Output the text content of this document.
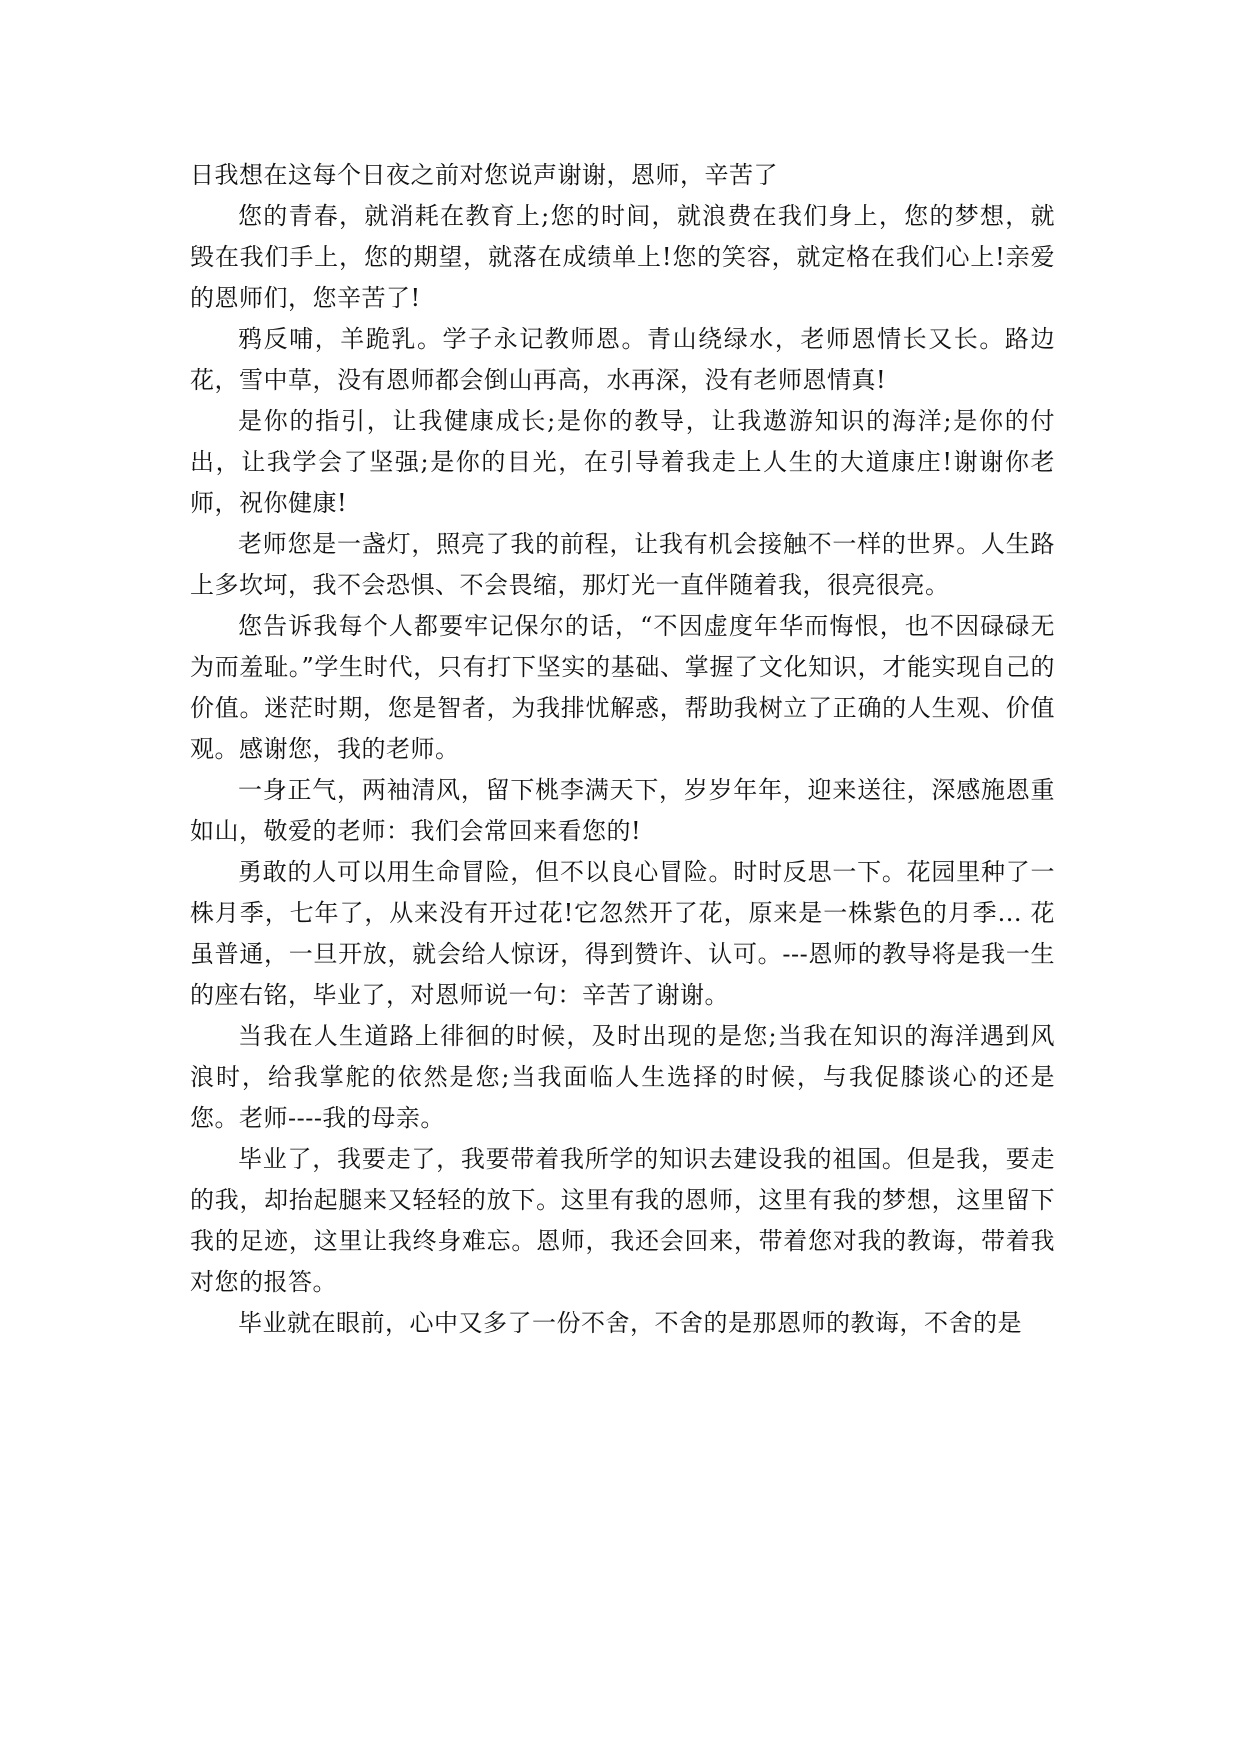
日我想在这每个日夜之前对您说声谢谢，恩师，辛苦了

您的青春，就消耗在教育上;您的时间，就浪费在我们身上，您的梦想，就毁在我们手上，您的期望，就落在成绩单上!您的笑容，就定格在我们心上!亲爱的恩师们，您辛苦了!

鸦反哺，羊跪乳。学子永记教师恩。青山绕绿水，老师恩情长又长。路边花，雪中草，没有恩师都会倒山再高，水再深，没有老师恩情真!

是你的指引，让我健康成长;是你的教导，让我遨游知识的海洋;是你的付出，让我学会了坚强;是你的目光，在引导着我走上人生的大道康庄!谢谢你老师，祝你健康!

老师您是一盏灯，照亮了我的前程，让我有机会接触不一样的世界。人生路上多坎坷，我不会恐惧、不会畏缩，那灯光一直伴随着我，很亮很亮。

您告诉我每个人都要牢记保尔的话，“不因虚度年华而悔恨，也不因碌碌无为而羞耻。”学生时代，只有打下坚实的基础、掌握了文化知识，才能实现自己的价值。迷茫时期，您是智者，为我排忧解惑，帮助我树立了正确的人生观、价值观。感谢您，我的老师。

一身正气，两袖清风，留下桃李满天下，岁岁年年，迎来送往，深感施恩重如山，敬爱的老师：我们会常回来看您的!

勇敢的人可以用生命冒险，但不以良心冒险。时时反思一下。花园里种了一株月季，七年了，从来没有开过花!它忽然开了花，原来是一株紫色的月季... 花虽普通，一旦开放，就会给人惊讶，得到赞许、认可。---恩师的教导将是我一生的座右铭，毕业了，对恩师说一句：辛苦了谢谢。

当我在人生道路上徘徊的时候，及时出现的是您;当我在知识的海洋遇到风浪时，给我掌舵的依然是您;当我面临人生选择的时候，与我促膝谈心的还是您。老师----我的母亲。

毕业了，我要走了，我要带着我所学的知识去建设我的祖国。但是我，要走的我，却抬起腿来又轻轻的放下。这里有我的恩师，这里有我的梦想，这里留下我的足迹，这里让我终身难忘。恩师，我还会回来，带着您对我的教诲，带着我对您的报答。

毕业就在眼前，心中又多了一份不舍，不舍的是那恩师的教诲，不舍的是
